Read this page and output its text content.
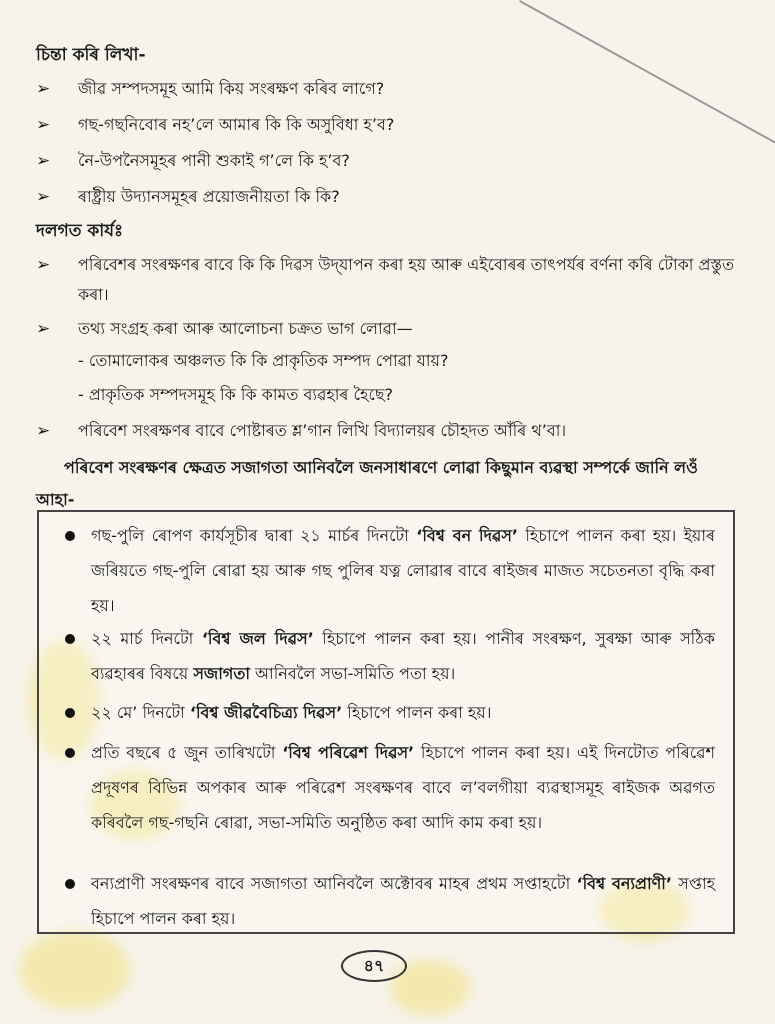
চিন্তা কৰি লিখা-
➢ জীৱ সম্পদসমূহ আমি কিয় সংৰক্ষণ কৰিব লাগে?
➢ গছ-গছনিবোৰ নহ’লে আমাৰ কি কি অসুবিধা হ’ব?
➢ নৈ-উপনৈসমূহৰ পানী শুকাই গ’লে কি হ’ব?
➢ ৰাষ্ট্ৰীয় উদ্যানসমূহৰ প্ৰয়োজনীয়তা কি কি?
দলগত কাৰ্যঃ
➢ পৰিবেশৰ সংৰক্ষণৰ বাবে কি কি দিৱস উদ্‌যাপন কৰা হয় আৰু এইবোৰৰ তাৎপৰ্যৰ বৰ্ণনা কৰি টোকা প্ৰস্তুত কৰা।
➢ তথ্য সংগ্ৰহ কৰা আৰু আলোচনা চক্ৰত ভাগ লোৱা—
- তোমালোকৰ অঞ্চলত কি কি প্ৰাকৃতিক সম্পদ পোৱা যায়?
- প্ৰাকৃতিক সম্পদসমূহ কি কি কামত ব্যৱহাৰ হৈছে?
➢ পৰিবেশ সংৰক্ষণৰ বাবে পোষ্টাৰত শ্ল’গান লিখি বিদ্যালয়ৰ চৌহদত আঁৰি থ’বা।
পৰিবেশ সংৰক্ষণৰ ক্ষেত্ৰত সজাগতা আনিবলৈ জনসাধাৰণে লোৱা কিছুমান ব্যৱস্থা সম্পৰ্কে জানি লওঁ আহা-
গছ-পুলি ৰোপণ কাৰ্যসূচীৰ দ্বাৰা ২১ মাৰ্চৰ দিনটো ‘বিশ্ব বন দিৱস’ হিচাপে পালন কৰা হয়। ইয়াৰ জৰিয়তে গছ-পুলি ৰোৱা হয় আৰু গছ পুলিৰ যত্ন লোৱাৰ বাবে ৰাইজৰ মাজত সচেতনতা বৃদ্ধি কৰা হয়।
২২ মাৰ্চ দিনটো ‘বিশ্ব জল দিৱস’ হিচাপে পালন কৰা হয়। পানীৰ সংৰক্ষণ, সুৰক্ষা আৰু সঠিক ব্যৱহাৰৰ বিষয়ে সজাগতা আনিবলৈ সভা-সমিতি পতা হয়।
২২ মে’ দিনটো ‘বিশ্ব জীৱবৈচিত্ৰ্য দিৱস’ হিচাপে পালন কৰা হয়।
প্ৰতি বছৰে ৫ জুন তাৰিখটো ‘বিশ্ব পৰিৱেশ দিৱস’ হিচাপে পালন কৰা হয়। এই দিনটোত পৰিৱেশ প্ৰদূষণৰ বিভিন্ন অপকাৰ আৰু পৰিৱেশ সংৰক্ষণৰ বাবে ল’বলগীয়া ব্যৱস্থাসমূহ ৰাইজক অৱগত কৰিবলৈ গছ-গছনি ৰোৱা, সভা-সমিতি অনুষ্ঠিত কৰা আদি কাম কৰা হয়।
বন্যপ্ৰাণী সংৰক্ষণৰ বাবে সজাগতা আনিবলৈ অক্টোবৰ মাহৰ প্ৰথম সপ্তাহটো ‘বিশ্ব বন্যপ্ৰাণী’ সপ্তাহ হিচাপে পালন কৰা হয়।
৪৭
